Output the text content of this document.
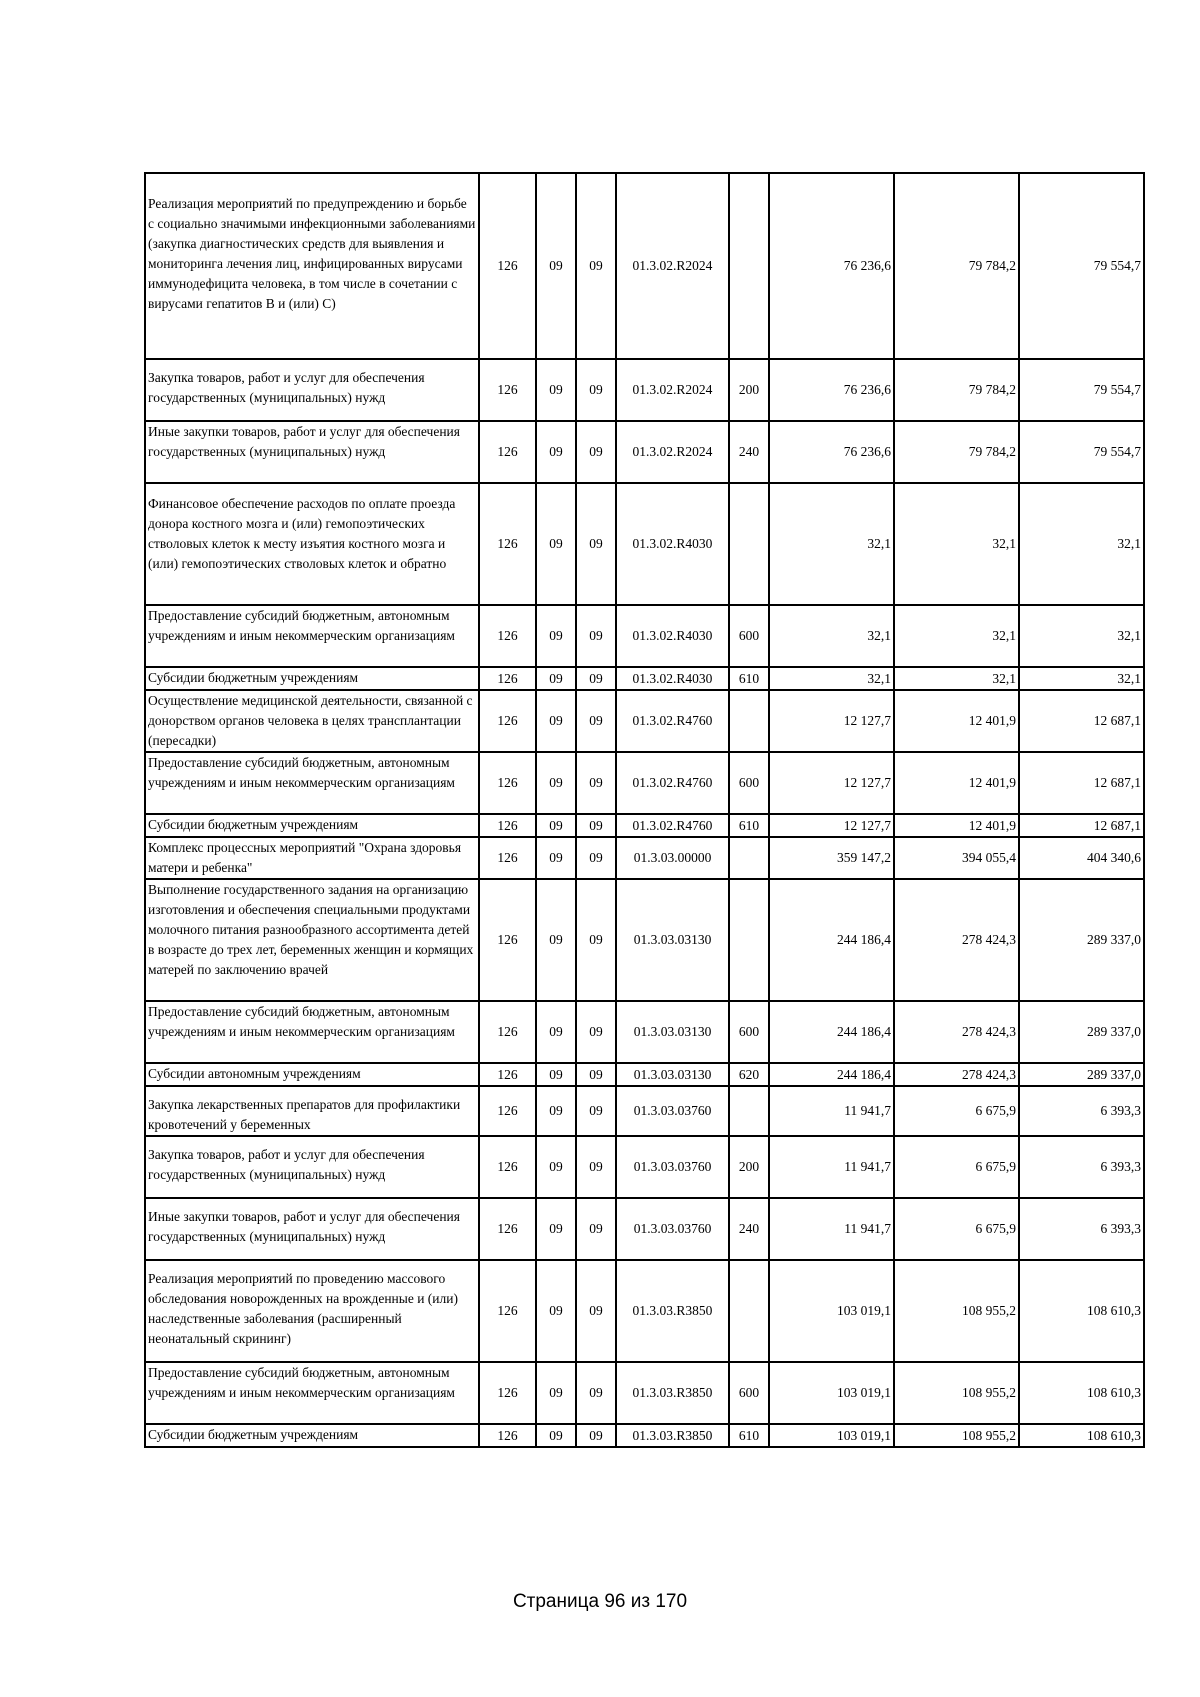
Реализация мероприятий по предупреждению и борьбе с социально значимыми инфекционными заболеваниями (закупка диагностических средств для выявления и мониторинга лечения лиц, инфицированных вирусами иммунодефицита человека, в том числе в сочетании с вирусами гепатитов В и (или) С)	126	09	09	01.3.02.R2024		76 236,6	79 784,2	79 554,7
Закупка товаров, работ и услуг для обеспечения государственных (муниципальных) нужд	126	09	09	01.3.02.R2024	200	76 236,6	79 784,2	79 554,7
Иные закупки товаров, работ и услуг для обеспечения государственных (муниципальных) нужд	126	09	09	01.3.02.R2024	240	76 236,6	79 784,2	79 554,7
Финансовое обеспечение расходов по оплате проезда донора костного мозга и (или) гемопоэтических стволовых клеток к месту изъятия костного мозга и (или) гемопоэтических стволовых клеток и обратно	126	09	09	01.3.02.R4030		32,1	32,1	32,1
Предоставление субсидий бюджетным, автономным учреждениям и иным некоммерческим организациям	126	09	09	01.3.02.R4030	600	32,1	32,1	32,1
Субсидии бюджетным учреждениям	126	09	09	01.3.02.R4030	610	32,1	32,1	32,1
Осуществление медицинской деятельности, связанной с донорством органов человека в целях трансплантации (пересадки)	126	09	09	01.3.02.R4760		12 127,7	12 401,9	12 687,1
Предоставление субсидий бюджетным, автономным учреждениям и иным некоммерческим организациям	126	09	09	01.3.02.R4760	600	12 127,7	12 401,9	12 687,1
Субсидии бюджетным учреждениям	126	09	09	01.3.02.R4760	610	12 127,7	12 401,9	12 687,1
Комплекс процессных мероприятий "Охрана здоровья матери и ребенка"	126	09	09	01.3.03.00000		359 147,2	394 055,4	404 340,6
Выполнение государственного задания на организацию изготовления и обеспечения специальными продуктами молочного питания разнообразного ассортимента детей в возрасте до трех лет, беременных женщин и кормящих матерей по заключению врачей	126	09	09	01.3.03.03130		244 186,4	278 424,3	289 337,0
Предоставление субсидий бюджетным, автономным учреждениям и иным некоммерческим организациям	126	09	09	01.3.03.03130	600	244 186,4	278 424,3	289 337,0
Субсидии автономным учреждениям	126	09	09	01.3.03.03130	620	244 186,4	278 424,3	289 337,0
Закупка лекарственных препаратов для профилактики кровотечений у беременных	126	09	09	01.3.03.03760		11 941,7	6 675,9	6 393,3
Закупка товаров, работ и услуг для обеспечения государственных (муниципальных) нужд	126	09	09	01.3.03.03760	200	11 941,7	6 675,9	6 393,3
Иные закупки товаров, работ и услуг для обеспечения государственных (муниципальных) нужд	126	09	09	01.3.03.03760	240	11 941,7	6 675,9	6 393,3
Реализация мероприятий по проведению массового обследования новорожденных на врожденные и (или) наследственные заболевания (расширенный неонатальный скрининг)	126	09	09	01.3.03.R3850		103 019,1	108 955,2	108 610,3
Предоставление субсидий бюджетным, автономным учреждениям и иным некоммерческим организациям	126	09	09	01.3.03.R3850	600	103 019,1	108 955,2	108 610,3
Субсидии бюджетным учреждениям	126	09	09	01.3.03.R3850	610	103 019,1	108 955,2	108 610,3
Страница 96 из 170
